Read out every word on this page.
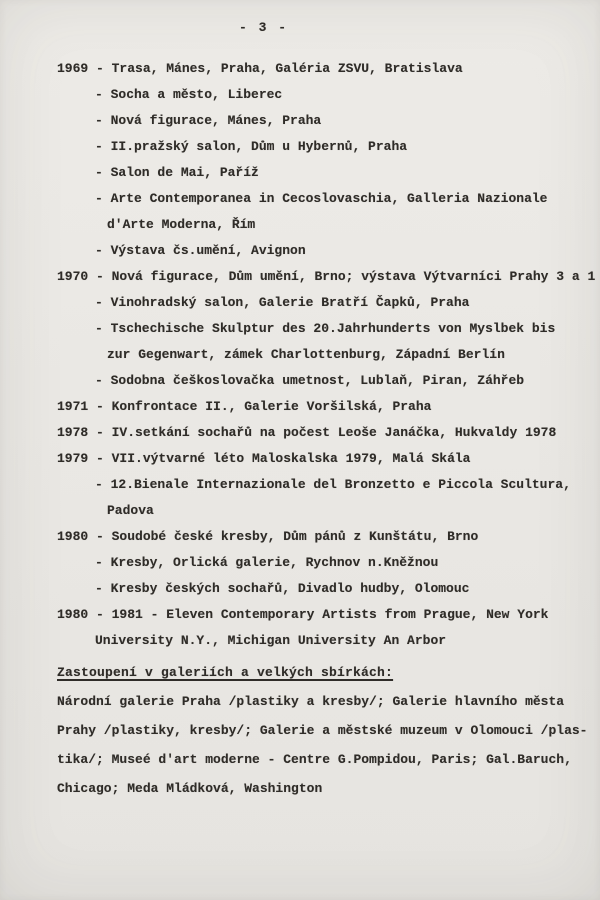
- 3 -
1969 - Trasa, Mánes, Praha, Galéria ZSVU, Bratislava
- Socha a město, Liberec
- Nová figurace, Mánes, Praha
- II.pražský salon, Dům u Hybernů, Praha
- Salon de Mai, Paříž
- Arte Contemporanea in Cecoslovaschia, Galleria Nazionale
d'Arte Moderna, Řím
- Výstava čs.umění, Avignon
1970 - Nová figurace, Dům umění, Brno; výstava Výtvarníci Prahy 3 a 1
- Vinohradský salon, Galerie Bratří Čapků, Praha
- Tschechische Skulptur des 20.Jahrhunderts von Myslbek bis
zur Gegenwart, zámek Charlottenburg, Západní Berlín
- Sodobna češkoslovačka umetnost, Lublaň, Piran, Záhřeb
1971 - Konfrontace II., Galerie Voršilská, Praha
1978 - IV.setkání sochařů na počest Leoše Janáčka, Hukvaldy 1978
1979 - VII.výtvarné léto Maloskalska 1979, Malá Skála
- 12.Bienale Internazionale del Bronzetto e Piccola Scultura,
Padova
1980 - Soudobé české kresby, Dům pánů z Kunštátu, Brno
- Kresby, Orlická galerie, Rychnov n.Kněžnou
- Kresby českých sochařů, Divadlo hudby, Olomouc
1980 - 1981 - Eleven Contemporary Artists from Prague, New York
University N.Y., Michigan University An Arbor
Zastoupení v galeriích a velkých sbírkách:
Národní galerie Praha /plastiky a kresby/; Galerie hlavního města
Prahy /plastiky, kresby/; Galerie a městské muzeum v Olomouci /plas-
tika/; Museé d'art moderne - Centre G.Pompidou, Paris; Gal.Baruch,
Chicago; Meda Mládková, Washington
